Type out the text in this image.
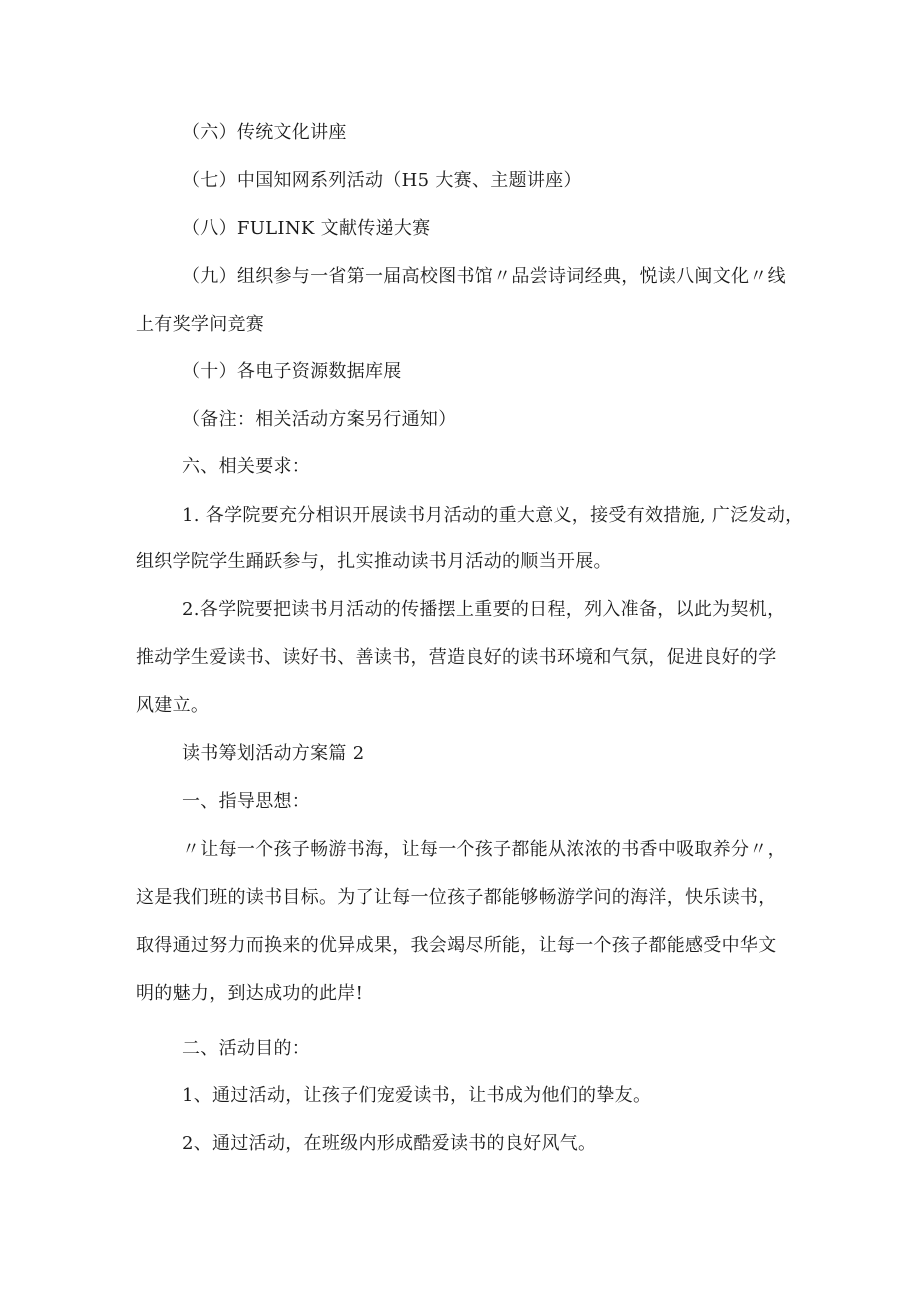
（六）传统文化讲座
（七）中国知网系列活动（H5 大赛、主题讲座）
（八）FULINK 文献传递大赛
（九）组织参与一省第一届高校图书馆〃品尝诗词经典，悦读八闽文化〃线
上有奖学问竞赛
（十）各电子资源数据库展
（备注：相关活动方案另行通知）
六、相关要求：
1. 各学院要充分相识开展读书月活动的重大意义，接受有效措施, 广泛发动，
组织学院学生踊跃参与，扎实推动读书月活动的顺当开展。
2.各学院要把读书月活动的传播摆上重要的日程，列入准备，以此为契机，
推动学生爱读书、读好书、善读书，营造良好的读书环境和气氛，促进良好的学
风建立。
读书筹划活动方案篇 2
一、指导思想：
〃让每一个孩子畅游书海，让每一个孩子都能从浓浓的书香中吸取养分〃，
这是我们班的读书目标。为了让每一位孩子都能够畅游学问的海洋，快乐读书，
取得通过努力而换来的优异成果，我会竭尽所能，让每一个孩子都能感受中华文
明的魅力，到达成功的此岸!
二、活动目的：
1、通过活动，让孩子们宠爱读书，让书成为他们的挚友。
2、通过活动，在班级内形成酷爱读书的良好风气。
